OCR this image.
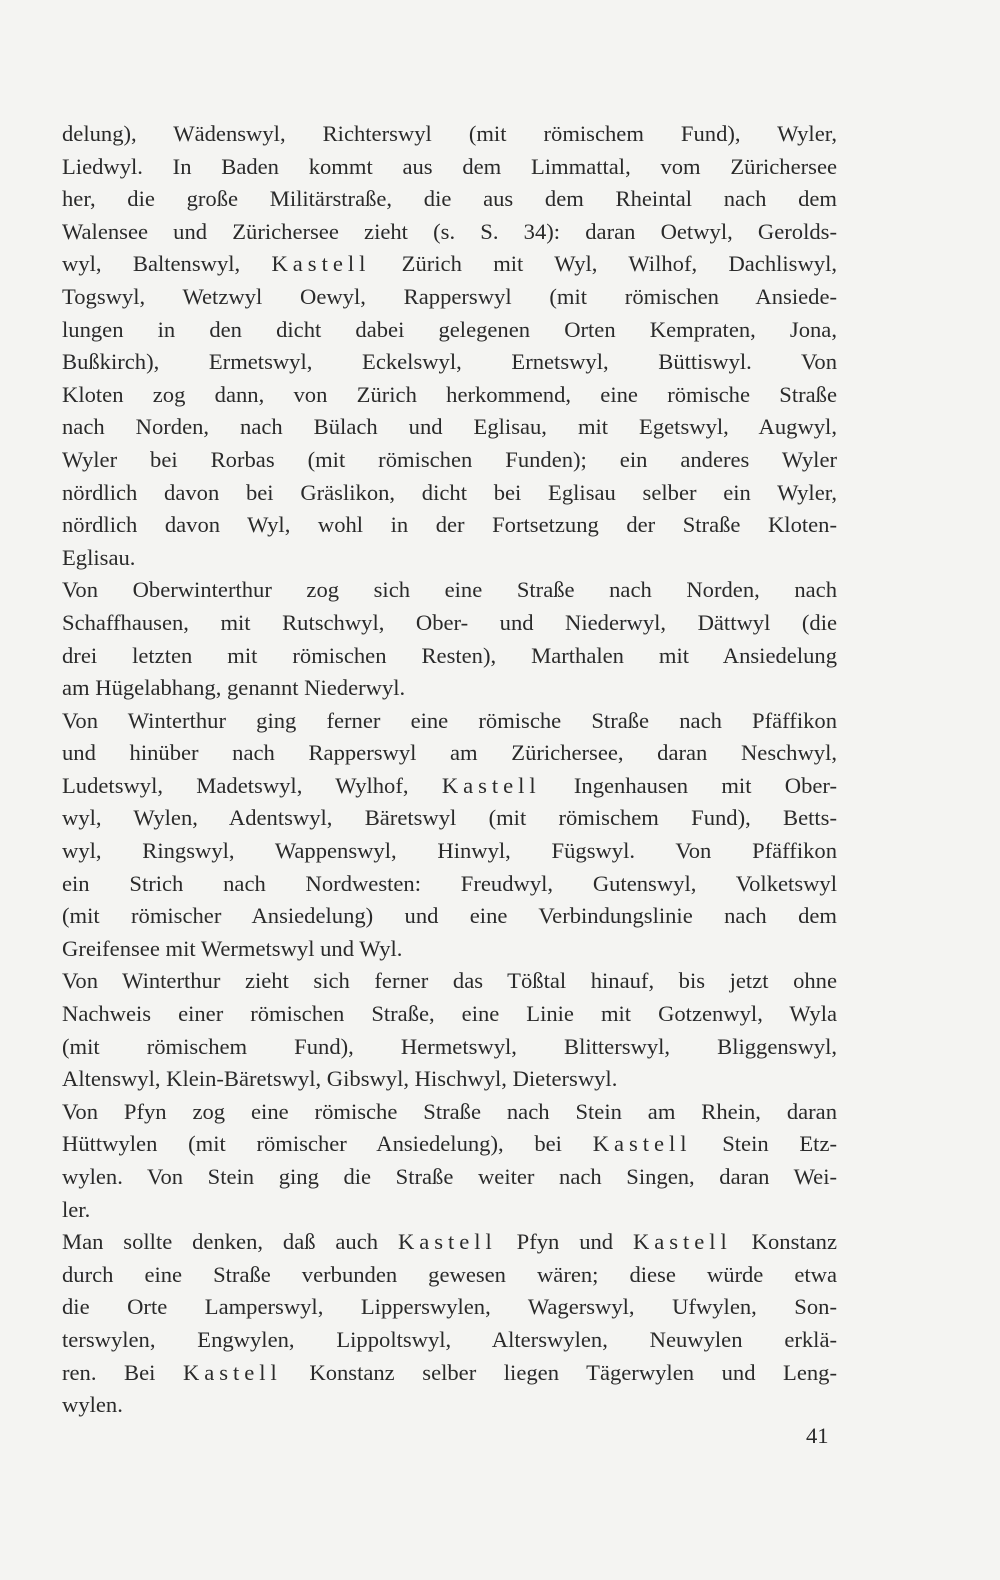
delung), Wädenswyl, Richterswyl (mit römischem Fund), Wyler,
Liedwyl. In Baden kommt aus dem Limmattal, vom Zürichersee
her, die große Militärstraße, die aus dem Rheintal nach dem
Walensee und Zürichersee zieht (s. S. 34): daran Oetwyl, Gerolds-
wyl, Baltenswyl, Kastell Zürich mit Wyl, Wilhof, Dachliswyl,
Togswyl, Wetzwyl Oewyl, Rapperswyl (mit römischen Ansiede-
lungen in den dicht dabei gelegenen Orten Kempraten, Jona,
Bußkirch), Ermetswyl, Eckelswyl, Ernetswyl, Büttiswyl. Von
Kloten zog dann, von Zürich herkommend, eine römische Straße
nach Norden, nach Bülach und Eglisau, mit Egetswyl, Augwyl,
Wyler bei Rorbas (mit römischen Funden); ein anderes Wyler
nördlich davon bei Gräslikon, dicht bei Eglisau selber ein Wyler,
nördlich davon Wyl, wohl in der Fortsetzung der Straße Kloten-
Eglisau.
Von Oberwinterthur zog sich eine Straße nach Norden, nach
Schaffhausen, mit Rutschwyl, Ober- und Niederwyl, Dättwyl (die
drei letzten mit römischen Resten), Marthalen mit Ansiedelung
am Hügelabhang, genannt Niederwyl.
Von Winterthur ging ferner eine römische Straße nach Pfäffikon
und hinüber nach Rapperswyl am Zürichersee, daran Neschwyl,
Ludetswyl, Madetswyl, Wylhof, Kastell Ingenhausen mit Ober-
wyl, Wylen, Adentswyl, Bäretswyl (mit römischem Fund), Betts-
wyl, Ringswyl, Wappenswyl, Hinwyl, Fügswyl. Von Pfäffikon
ein Strich nach Nordwesten: Freudwyl, Gutenswyl, Volketswyl
(mit römischer Ansiedelung) und eine Verbindungslinie nach dem
Greifensee mit Wermetswyl und Wyl.
Von Winterthur zieht sich ferner das Tößtal hinauf, bis jetzt ohne
Nachweis einer römischen Straße, eine Linie mit Gotzenwyl, Wyla
(mit römischem Fund), Hermetswyl, Blitterswyl, Bliggenswyl,
Altenswyl, Klein-Bäretswyl, Gibswyl, Hischwyl, Dieterswyl.
Von Pfyn zog eine römische Straße nach Stein am Rhein, daran
Hüttwylen (mit römischer Ansiedelung), bei Kastell Stein Etz-
wylen. Von Stein ging die Straße weiter nach Singen, daran Wei-
ler.
Man sollte denken, daß auch Kastell Pfyn und Kastell Konstanz
durch eine Straße verbunden gewesen wären; diese würde etwa
die Orte Lamperswyl, Lipperswylen, Wagerswyl, Ufwylen, Son-
terswylen, Engwylen, Lippoltswyl, Alterswylen, Neuwylen erklä-
ren. Bei Kastell Konstanz selber liegen Tägerwylen und Leng-
wylen.
41
